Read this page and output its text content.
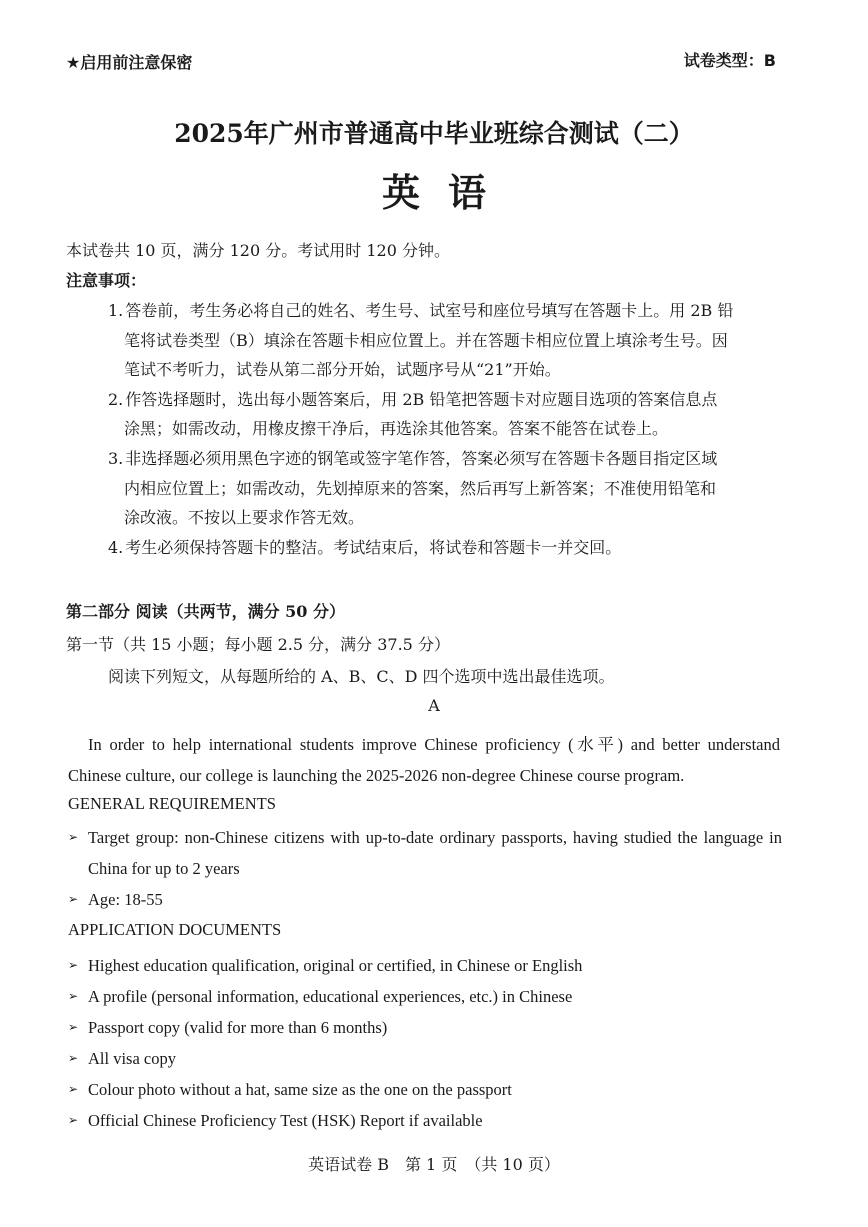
★启用前注意保密	试卷类型：B
2025年广州市普通高中毕业班综合测试（二）
英语
本试卷共 10 页，满分 120 分。考试用时 120 分钟。
注意事项：
1. 答卷前，考生务必将自己的姓名、考生号、试室号和座位号填写在答题卡上。用 2B 铅
笔将试卷类型（B）填涂在答题卡相应位置上。并在答题卡相应位置上填涂考生号。因
笔试不考听力，试卷从第二部分开始，试题序号从“21”开始。
2. 作答选择题时，选出每小题答案后，用 2B 铅笔把答题卡对应题目选项的答案信息点
涂黑；如需改动，用橡皮擦干净后，再选涂其他答案。答案不能答在试卷上。
3. 非选择题必须用黑色字迹的钢笔或签字笔作答，答案必须写在答题卡各题目指定区域
内相应位置上；如需改动，先划掉原来的答案，然后再写上新答案；不准使用铅笔和
涂改液。不按以上要求作答无效。
4. 考生必须保持答题卡的整洁。考试结束后，将试卷和答题卡一并交回。
第二部分 阅读（共两节，满分 50 分）
第一节（共 15 小题；每小题 2.5 分，满分 37.5 分）
阅读下列短文，从每题所给的 A、B、C、D 四个选项中选出最佳选项。
A
In order to help international students improve Chinese proficiency (水平) and better understand Chinese culture, our college is launching the 2025-2026 non-degree Chinese course program.
GENERAL REQUIREMENTS
➢ Target group: non-Chinese citizens with up-to-date ordinary passports, having studied the language in China for up to 2 years
➢ Age: 18-55
APPLICATION DOCUMENTS
➢ Highest education qualification, original or certified, in Chinese or English
➢ A profile (personal information, educational experiences, etc.) in Chinese
➢ Passport copy (valid for more than 6 months)
➢ All visa copy
➢ Colour photo without a hat, same size as the one on the passport
➢ Official Chinese Proficiency Test (HSK) Report if available
英语试卷 B　第 1 页　（共 10 页）
